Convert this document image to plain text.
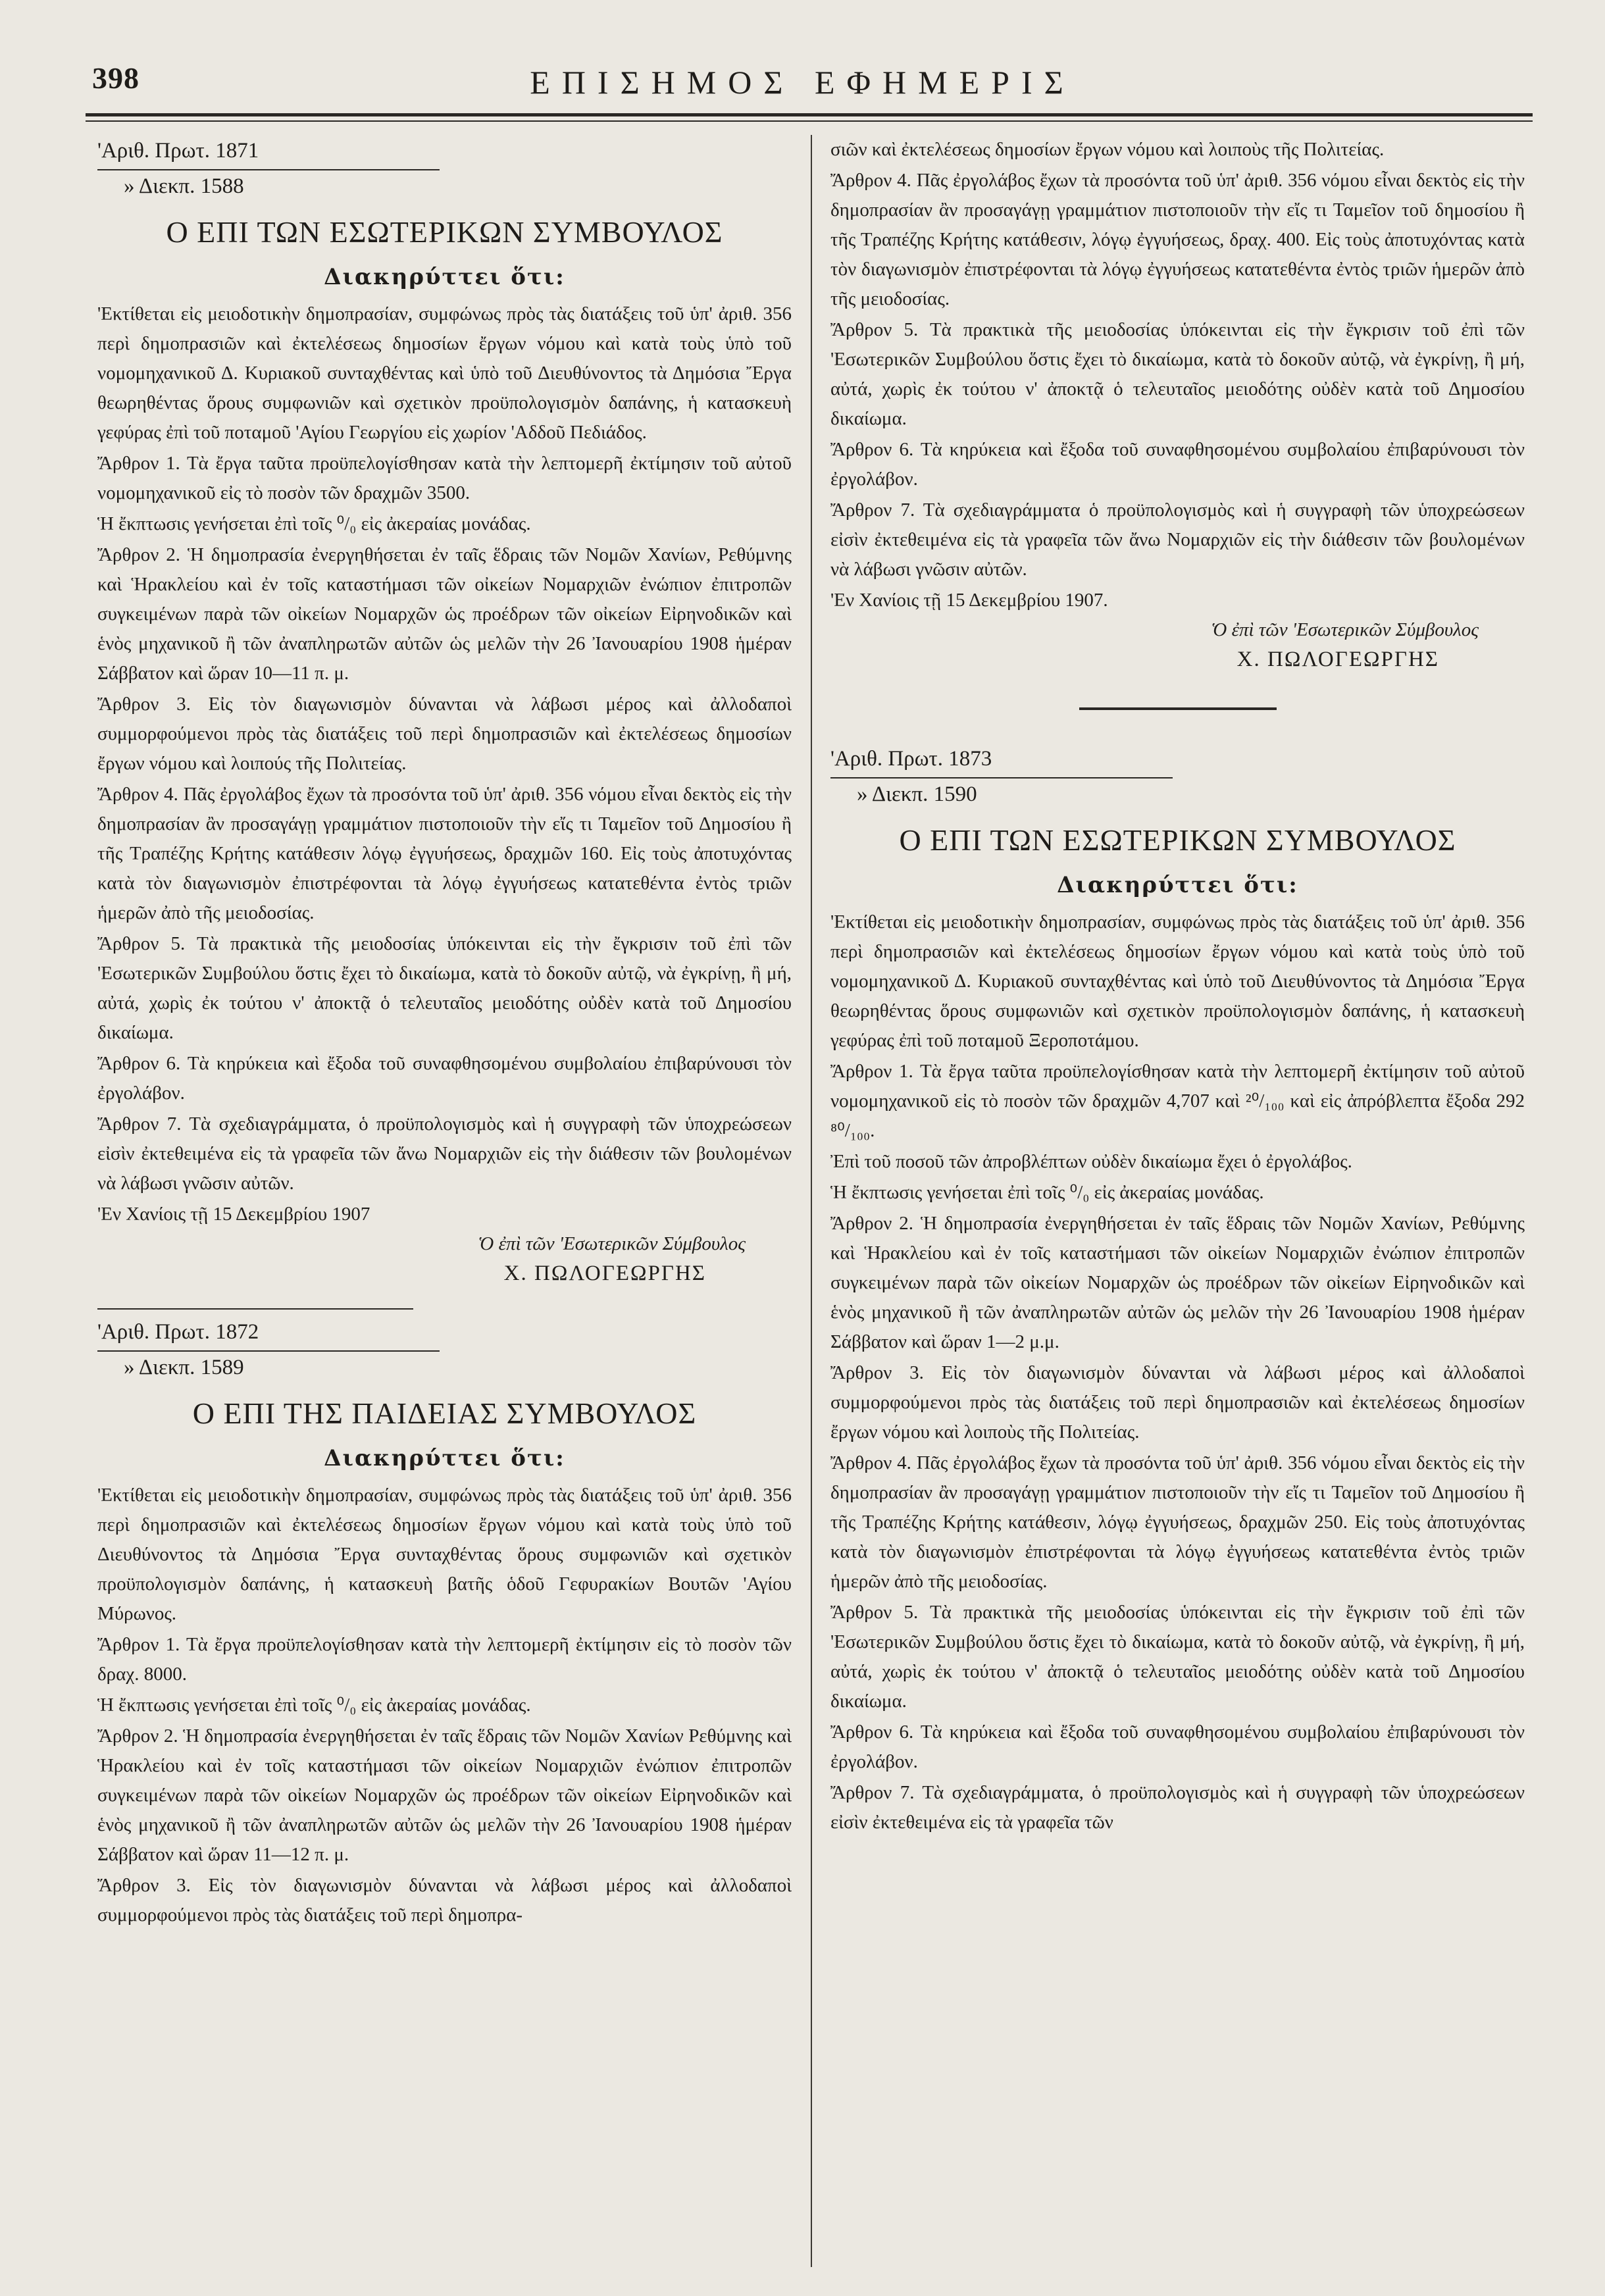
398	ΕΠΙΣΗΜΟΣ ΕΦΗΜΕΡΙΣ
'Αριθ. Πρωτ. 1871
» Διεκπ. 1588
Ο ΕΠΙ ΤΩΝ ΕΣΩΤΕΡΙΚΩΝ ΣΥΜΒΟΥΛΟΣ
Διακηρύττει ὅτι:

'Εκτίθεται εἰς μειοδοτικὴν δημοπρασίαν, συμφώνως πρὸς τὰς διατάξεις τοῦ ὑπ' ἀριθ. 356 περὶ δημοπρασιῶν καὶ ἐκτελέσεως δημοσίων ἔργων νόμου καὶ κατὰ τοὺς ὑπὸ τοῦ νομομηχανικοῦ Δ. Κυριακοῦ συνταχθέντας καὶ ὑπὸ τοῦ Διευθύνοντος τὰ Δημόσια Ἔργα θεωρηθέντας ὅρους συμφωνιῶν καὶ σχετικὸν προϋπολογισμὸν δαπάνης, ἡ κατασκευὴ γεφύρας ἐπὶ τοῦ ποταμοῦ 'Αγίου Γεωργίου εἰς χωρίον 'Αδδοῦ Πεδιάδος.

Ἄρθρον 1. Τὰ ἔργα ταῦτα προϋπελογίσθησαν κατὰ τὴν λεπτομερῆ ἐκτίμησιν τοῦ αὐτοῦ νομομηχανικοῦ εἰς τὸ ποσὸν τῶν δραχμῶν 3500.

Ἡ ἔκπτωσις γενήσεται ἐπὶ τοῖς ⁰/₀ εἰς ἀκεραίας μονάδας.

Ἄρθρον 2. Ἡ δημοπρασία ἐνεργηθήσεται ἐν ταῖς ἕδραις τῶν Νομῶν Χανίων, Ρεθύμνης καὶ Ἡρακλείου καὶ ἐν τοῖς καταστήμασι τῶν οἰκείων Νομαρχιῶν ἐνώπιον ἐπιτροπῶν συγκειμένων παρὰ τῶν οἰκείων Νομαρχῶν ὡς προέδρων τῶν οἰκείων Εἰρηνοδικῶν καὶ ἑνὸς μηχανικοῦ ἢ τῶν ἀναπληρωτῶν αὐτῶν ὡς μελῶν τὴν 26 Ἰανουαρίου 1908 ἡμέραν Σάββατον καὶ ὥραν 10—11 π. μ.

Ἄρθρον 3. Εἰς τὸν διαγωνισμὸν δύνανται νὰ λάβωσι μέρος καὶ ἀλλοδαποὶ συμμορφούμενοι πρὸς τὰς διατάξεις τοῦ περὶ δημοπρασιῶν καὶ ἐκτελέσεως δημοσίων ἔργων νόμου καὶ λοιπούς τῆς Πολιτείας.

Ἄρθρον 4. Πᾶς ἐργολάβος ἔχων τὰ προσόντα τοῦ ὑπ' ἀριθ. 356 νόμου εἶναι δεκτὸς εἰς τὴν δημοπρασίαν ἂν προσαγάγῃ γραμμάτιον πιστοποιοῦν τὴν εἴς τι Ταμεῖον τοῦ Δημοσίου ἢ τῆς Τραπέζης Κρήτης κατάθεσιν λόγῳ ἐγγυήσεως, δραχμῶν 160. Εἰς τοὺς ἀποτυχόντας κατὰ τὸν διαγωνισμὸν ἐπιστρέφονται τὰ λόγῳ ἐγγυήσεως κατατεθέντα ἐντὸς τριῶν ἡμερῶν ἀπὸ τῆς μειοδοσίας.

Ἄρθρον 5. Τὰ πρακτικὰ τῆς μειοδοσίας ὑπόκεινται εἰς τὴν ἔγκρισιν τοῦ ἐπὶ τῶν 'Εσωτερικῶν Συμβούλου ὅστις ἔχει τὸ δικαίωμα, κατὰ τὸ δοκοῦν αὐτῷ, νὰ ἐγκρίνῃ, ἢ μή, αὐτά, χωρὶς ἐκ τούτου ν' ἀποκτᾷ ὁ τελευταῖος μειοδότης οὐδὲν κατὰ τοῦ Δημοσίου δικαίωμα.

Ἄρθρον 6. Τὰ κηρύκεια καὶ ἔξοδα τοῦ συναφθησομένου συμβολαίου ἐπιβαρύνουσι τὸν ἐργολάβον.

Ἄρθρον 7. Τὰ σχεδιαγράμματα, ὁ προϋπολογισμὸς καὶ ἡ συγγραφὴ τῶν ὑποχρεώσεων εἰσὶν ἐκτεθειμένα εἰς τὰ γραφεῖα τῶν ἄνω Νομαρχιῶν εἰς τὴν διάθεσιν τῶν βουλομένων νὰ λάβωσι γνῶσιν αὐτῶν.

'Εν Χανίοις τῇ 15 Δεκεμβρίου 1907

Ὁ ἐπὶ τῶν 'Εσωτερικῶν Σύμβουλος

Χ. ΠΩΛΟΓΕΩΡΓΗΣ

'Αριθ. Πρωτ. 1872
» Διεκπ. 1589
Ο ΕΠΙ ΤΗΣ ΠΑΙΔΕΙΑΣ ΣΥΜΒΟΥΛΟΣ
Διακηρύττει ὅτι:

'Εκτίθεται εἰς μειοδοτικὴν δημοπρασίαν, συμφώνως πρὸς τὰς διατάξεις τοῦ ὑπ' ἀριθ. 356 περὶ δημοπρασιῶν καὶ ἐκτελέσεως δημοσίων ἔργων νόμου καὶ κατὰ τοὺς ὑπὸ τοῦ Διευθύνοντος τὰ Δημόσια Ἔργα συνταχθέντας ὅρους συμφωνιῶν καὶ σχετικὸν προϋπολογισμὸν δαπάνης, ἡ κατασκευὴ βατῆς ὁδοῦ Γεφυρακίων Βουτῶν 'Αγίου Μύρωνος.

Ἄρθρον 1. Τὰ ἔργα προϋπελογίσθησαν κατὰ τὴν λεπτομερῆ ἐκτίμησιν εἰς τὸ ποσὸν τῶν δραχ. 8000.

Ἡ ἔκπτωσις γενήσεται ἐπὶ τοῖς ⁰/₀ εἰς ἀκεραίας μονάδας.

Ἄρθρον 2. Ἡ δημοπρασία ἐνεργηθήσεται ἐν ταῖς ἕδραις τῶν Νομῶν Χανίων Ρεθύμνης καὶ Ἡρακλείου καὶ ἐν τοῖς καταστήμασι τῶν οἰκείων Νομαρχιῶν ἐνώπιον ἐπιτροπῶν συγκειμένων παρὰ τῶν οἰκείων Νομαρχῶν ὡς προέδρων τῶν οἰκείων Εἰρηνοδικῶν καὶ ἑνὸς μηχανικοῦ ἢ τῶν ἀναπληρωτῶν αὐτῶν ὡς μελῶν τὴν 26 Ἰανουαρίου 1908 ἡμέραν Σάββατον καὶ ὥραν 11—12 π. μ.

Ἄρθρον 3. Εἰς τὸν διαγωνισμὸν δύνανται νὰ λάβωσι μέρος καὶ ἀλλοδαποὶ συμμορφούμενοι πρὸς τὰς διατάξεις τοῦ περὶ δημοπρα-

σιῶν καὶ ἐκτελέσεως δημοσίων ἔργων νόμου καὶ λοιποὺς τῆς Πολιτείας.

Ἄρθρον 4. Πᾶς ἐργολάβος ἔχων τὰ προσόντα τοῦ ὑπ' ἀριθ. 356 νόμου εἶναι δεκτὸς εἰς τὴν δημοπρασίαν ἂν προσαγάγῃ γραμμάτιον πιστοποιοῦν τὴν εἴς τι Ταμεῖον τοῦ δημοσίου ἢ τῆς Τραπέζης Κρήτης κατάθεσιν, λόγῳ ἐγγυήσεως, δραχ. 400. Εἰς τοὺς ἀποτυχόντας κατὰ τὸν διαγωνισμὸν ἐπιστρέφονται τὰ λόγῳ ἐγγυήσεως κατατεθέντα ἐντὸς τριῶν ἡμερῶν ἀπὸ τῆς μειοδοσίας.

Ἄρθρον 5. Τὰ πρακτικὰ τῆς μειοδοσίας ὑπόκεινται εἰς τὴν ἔγκρισιν τοῦ ἐπὶ τῶν 'Εσωτερικῶν Συμβούλου ὅστις ἔχει τὸ δικαίωμα, κατὰ τὸ δοκοῦν αὐτῷ, νὰ ἐγκρίνῃ, ἢ μή, αὐτά, χωρὶς ἐκ τούτου ν' ἀποκτᾷ ὁ τελευταῖος μειοδότης οὐδὲν κατὰ τοῦ Δημοσίου δικαίωμα.

Ἄρθρον 6. Τὰ κηρύκεια καὶ ἔξοδα τοῦ συναφθησομένου συμβολαίου ἐπιβαρύνουσι τὸν ἐργολάβον.

Ἄρθρον 7. Τὰ σχεδιαγράμματα ὁ προϋπολογισμὸς καὶ ἡ συγγραφὴ τῶν ὑποχρεώσεων εἰσὶν ἐκτεθειμένα εἰς τὰ γραφεῖα τῶν ἄνω Νομαρχιῶν εἰς τὴν διάθεσιν τῶν βουλομένων νὰ λάβωσι γνῶσιν αὐτῶν.

'Εν Χανίοις τῇ 15 Δεκεμβρίου 1907.

Ὁ ἐπὶ τῶν 'Εσωτερικῶν Σύμβουλος

Χ. ΠΩΛΟΓΕΩΡΓΗΣ

'Αριθ. Πρωτ. 1873
» Διεκπ. 1590
Ο ΕΠΙ ΤΩΝ ΕΣΩΤΕΡΙΚΩΝ ΣΥΜΒΟΥΛΟΣ
Διακηρύττει ὅτι:

'Εκτίθεται εἰς μειοδοτικὴν δημοπρασίαν, συμφώνως πρὸς τὰς διατάξεις τοῦ ὑπ' ἀριθ. 356 περὶ δημοπρασιῶν καὶ ἐκτελέσεως δημοσίων ἔργων νόμου καὶ κατὰ τοὺς ὑπὸ τοῦ νομομηχανικοῦ Δ. Κυριακοῦ συνταχθέντας καὶ ὑπὸ τοῦ Διευθύνοντος τὰ Δημόσια Ἔργα θεωρηθέντας ὅρους συμφωνιῶν καὶ σχετικὸν προϋπολογισμὸν δαπάνης, ἡ κατασκευὴ γεφύρας ἐπὶ τοῦ ποταμοῦ Ξεροποτάμου.

Ἄρθρον 1. Τὰ ἔργα ταῦτα προϋπελογίσθησαν κατὰ τὴν λεπτομερῆ ἐκτίμησιν τοῦ αὐτοῦ νομομηχανικοῦ εἰς τὸ ποσὸν τῶν δραχμῶν 4,707 καὶ ²⁰/₁₀₀ καὶ εἰς ἀπρόβλεπτα ἔξοδα 292 ⁸⁰/₁₀₀.

Ἐπὶ τοῦ ποσοῦ τῶν ἀπροβλέπτων οὐδὲν δικαίωμα ἔχει ὁ ἐργολάβος.

Ἡ ἔκπτωσις γενήσεται ἐπὶ τοῖς ⁰/₀ εἰς ἀκεραίας μονάδας.

Ἄρθρον 2. Ἡ δημοπρασία ἐνεργηθήσεται ἐν ταῖς ἕδραις τῶν Νομῶν Χανίων, Ρεθύμνης καὶ Ἡρακλείου καὶ ἐν τοῖς καταστήμασι τῶν οἰκείων Νομαρχιῶν ἐνώπιον ἐπιτροπῶν συγκειμένων παρὰ τῶν οἰκείων Νομαρχῶν ὡς προέδρων τῶν οἰκείων Εἰρηνοδικῶν καὶ ἑνὸς μηχανικοῦ ἢ τῶν ἀναπληρωτῶν αὐτῶν ὡς μελῶν τὴν 26 Ἰανουαρίου 1908 ἡμέραν Σάββατον καὶ ὥραν 1—2 μ.μ.

Ἄρθρον 3. Εἰς τὸν διαγωνισμὸν δύνανται νὰ λάβωσι μέρος καὶ ἀλλοδαποὶ συμμορφούμενοι πρὸς τὰς διατάξεις τοῦ περὶ δημοπρασιῶν καὶ ἐκτελέσεως δημοσίων ἔργων νόμου καὶ λοιποὺς τῆς Πολιτείας.

Ἄρθρον 4. Πᾶς ἐργολάβος ἔχων τὰ προσόντα τοῦ ὑπ' ἀριθ. 356 νόμου εἶναι δεκτὸς εἰς τὴν δημοπρασίαν ἂν προσαγάγῃ γραμμάτιον πιστοποιοῦν τὴν εἴς τι Ταμεῖον τοῦ Δημοσίου ἢ τῆς Τραπέζης Κρήτης κατάθεσιν, λόγῳ ἐγγυήσεως, δραχμῶν 250. Εἰς τοὺς ἀποτυχόντας κατὰ τὸν διαγωνισμὸν ἐπιστρέφονται τὰ λόγῳ ἐγγυήσεως κατατεθέντα ἐντὸς τριῶν ἡμερῶν ἀπὸ τῆς μειοδοσίας.

Ἄρθρον 5. Τὰ πρακτικὰ τῆς μειοδοσίας ὑπόκεινται εἰς τὴν ἔγκρισιν τοῦ ἐπὶ τῶν 'Εσωτερικῶν Συμβούλου ὅστις ἔχει τὸ δικαίωμα, κατὰ τὸ δοκοῦν αὐτῷ, νὰ ἐγκρίνῃ, ἢ μή, αὐτά, χωρὶς ἐκ τούτου ν' ἀποκτᾷ ὁ τελευταῖος μειοδότης οὐδὲν κατὰ τοῦ Δημοσίου δικαίωμα.

Ἄρθρον 6. Τὰ κηρύκεια καὶ ἔξοδα τοῦ συναφθησομένου συμβολαίου ἐπιβαρύνουσι τὸν ἐργολάβον.

Ἄρθρον 7. Τὰ σχεδιαγράμματα, ὁ προϋπολογισμὸς καὶ ἡ συγγραφὴ τῶν ὑποχρεώσεων εἰσὶν ἐκτεθειμένα εἰς τὰ γραφεῖα τῶν
